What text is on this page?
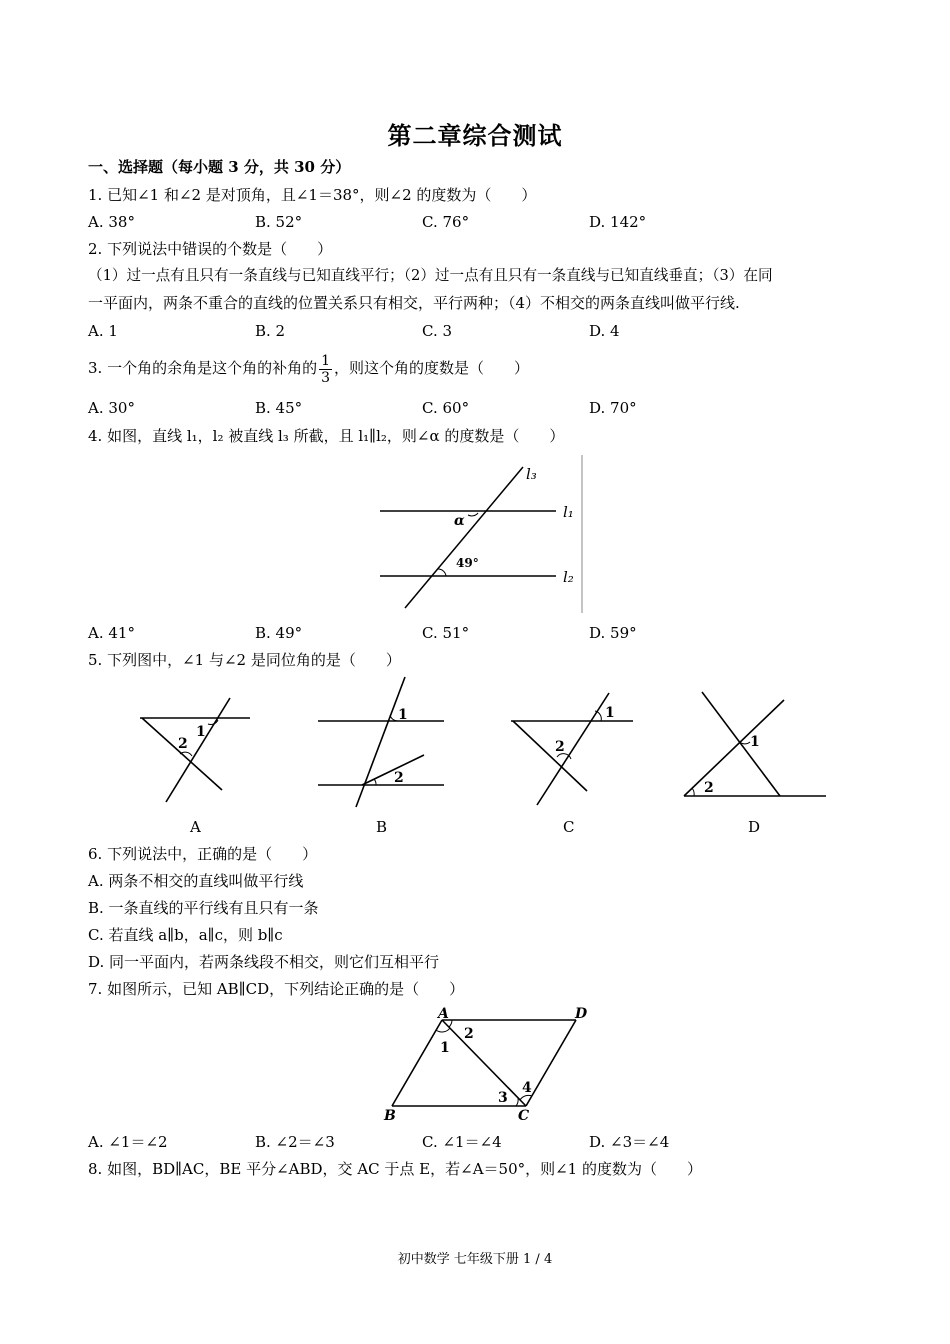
第二章综合测试
一、选择题（每小题 3 分，共 30 分）
1. 已知∠1 和∠2 是对顶角，且∠1＝38°，则∠2 的度数为（　　）
A. 38°	B. 52°	C. 76°	D. 142°
2. 下列说法中错误的个数是（　　）
（1）过一点有且只有一条直线与已知直线平行；（2）过一点有且只有一条直线与已知直线垂直；（3）在同
一平面内，两条不重合的直线的位置关系只有相交，平行两种；（4）不相交的两条直线叫做平行线.
A. 1	B. 2	C. 3	D. 4
3. 一个角的余角是这个角的补角的 $\frac{1}{3}$ ，则这个角的度数是（　　）
A. 30°	B. 45°	C. 60°	D. 70°
4. 如图，直线 l₁，l₂ 被直线 l₃ 所截，且 l₁∥l₂，则∠α 的度数是（　　）
l₃
l₁
l₂
α
49°
A. 41°	B. 49°	C. 51°	D. 59°
5. 下列图中，∠1 与∠2 是同位角的是（　　）
1
2
A
1
2
B
1
2
C
1
2
D
6. 下列说法中，正确的是（　　）
A. 两条不相交的直线叫做平行线
B. 一条直线的平行线有且只有一条
C. 若直线 a∥b，a∥c，则 b∥c
D. 同一平面内，若两条线段不相交，则它们互相平行
7. 如图所示，已知 AB∥CD，下列结论正确的是（　　）
A	D
B	C
1
2
3
4
A. ∠1＝∠2	B. ∠2＝∠3	C. ∠1＝∠4	D. ∠3＝∠4
8. 如图，BD∥AC，BE 平分∠ABD，交 AC 于点 E，若∠A＝50°，则∠1 的度数为（　　）
初中数学 七年级下册 1 / 4
